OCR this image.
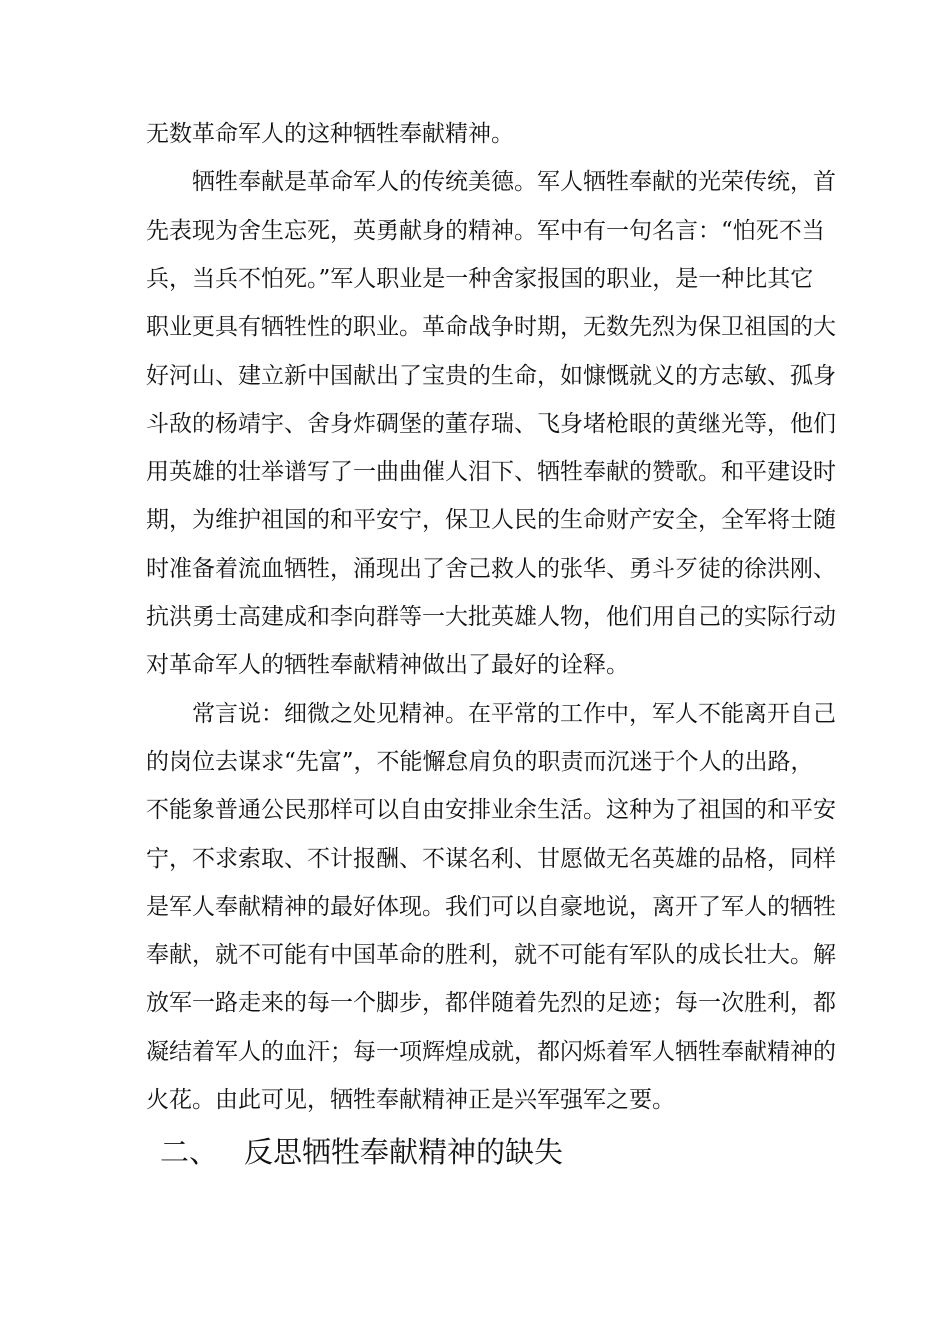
无数革命军人的这种牺牲奉献精神。
牺牲奉献是革命军人的传统美德。军人牺牲奉献的光荣传统，首
先表现为舍生忘死，英勇献身的精神。军中有一句名言：“怕死不当
兵，当兵不怕死。”军人职业是一种舍家报国的职业，是一种比其它
职业更具有牺牲性的职业。革命战争时期，无数先烈为保卫祖国的大
好河山、建立新中国献出了宝贵的生命，如慷慨就义的方志敏、孤身
斗敌的杨靖宇、舍身炸碉堡的董存瑞、飞身堵枪眼的黄继光等，他们
用英雄的壮举谱写了一曲曲催人泪下、牺牲奉献的赞歌。和平建设时
期，为维护祖国的和平安宁，保卫人民的生命财产安全，全军将士随
时准备着流血牺牲，涌现出了舍己救人的张华、勇斗歹徒的徐洪刚、
抗洪勇士高建成和李向群等一大批英雄人物，他们用自己的实际行动
对革命军人的牺牲奉献精神做出了最好的诠释。
常言说：细微之处见精神。在平常的工作中，军人不能离开自己
的岗位去谋求“先富”，不能懈怠肩负的职责而沉迷于个人的出路，
不能象普通公民那样可以自由安排业余生活。这种为了祖国的和平安
宁，不求索取、不计报酬、不谋名利、甘愿做无名英雄的品格，同样
是军人奉献精神的最好体现。我们可以自豪地说，离开了军人的牺牲
奉献，就不可能有中国革命的胜利，就不可能有军队的成长壮大。解
放军一路走来的每一个脚步，都伴随着先烈的足迹；每一次胜利，都
凝结着军人的血汗；每一项辉煌成就，都闪烁着军人牺牲奉献精神的
二、 反思牺牲奉献精神的缺失
火花。由此可见，牺牲奉献精神正是兴军强军之要。
